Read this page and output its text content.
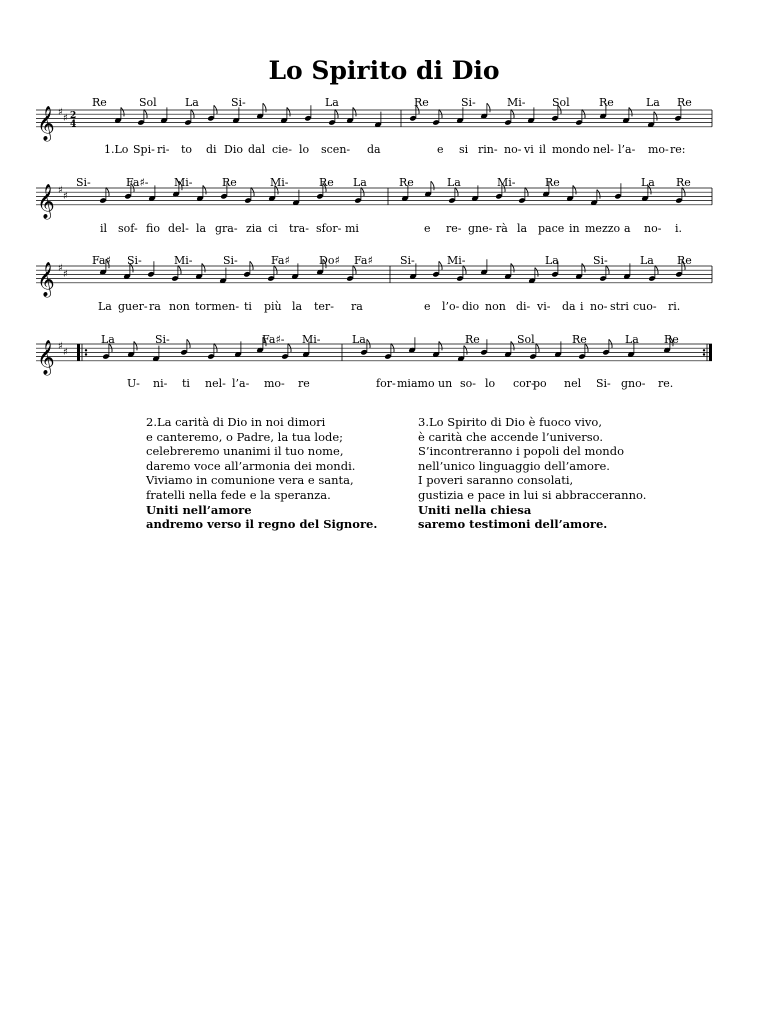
Lo Spirito di Dio
𝄞 ♯
♯ 2
4
Re	Sol	La	Si-	La	Re	Si-	Mi- Sol	Re	La Re
1.Lo Spi- ri- to di Dio dal cie- lo scen- da	e si rin- no- vi il mondo nel- l’a- mo- re:
𝄞 ♯
♯
Si-	Fa♯- Mi-	Re	Mi-	Re La	Re	La	Mi-	Re	La Re
il sof- fio del- la gra- zia ci tra- sfor- mi	e re- gne- rà la pace in mezzo a no- i.
𝄞 ♯
♯
Fa♯ Si-	Mi-	Si-	Fa♯	Do♯ Fa♯ Si-	Mi-	La	Si-	La Re
La guer- ra non tormen- ti più la ter- ra	e l’o- dio non di- vi- da i no- stri cuo- ri.
𝄞 ♯
♯
La	Si-	Fa♯- Mi-	La	Re	Sol	Re	La Re
U- ni- ti nel- l’a- mo- re	for- miamo un so- lo cor-
po nel Si- gno- re.
2.La carità di Dio in noi dimori
e canteremo, o Padre, la tua lode;
celebreremo unanimi il tuo nome,
daremo voce all’armonia dei mondi.
Viviamo in comunione vera e santa,
fratelli nella fede e la speranza.
Uniti nell’amore
andremo verso il regno del Signore.
3.Lo Spirito di Dio è fuoco vivo,
è carità che accende l’universo.
S’incontreranno i popoli del mondo
nell’unico linguaggio dell’amore.
I poveri saranno consolati,
gustizia e pace in lui si abbracceranno.
Uniti nella chiesa
saremo testimoni dell’amore.
